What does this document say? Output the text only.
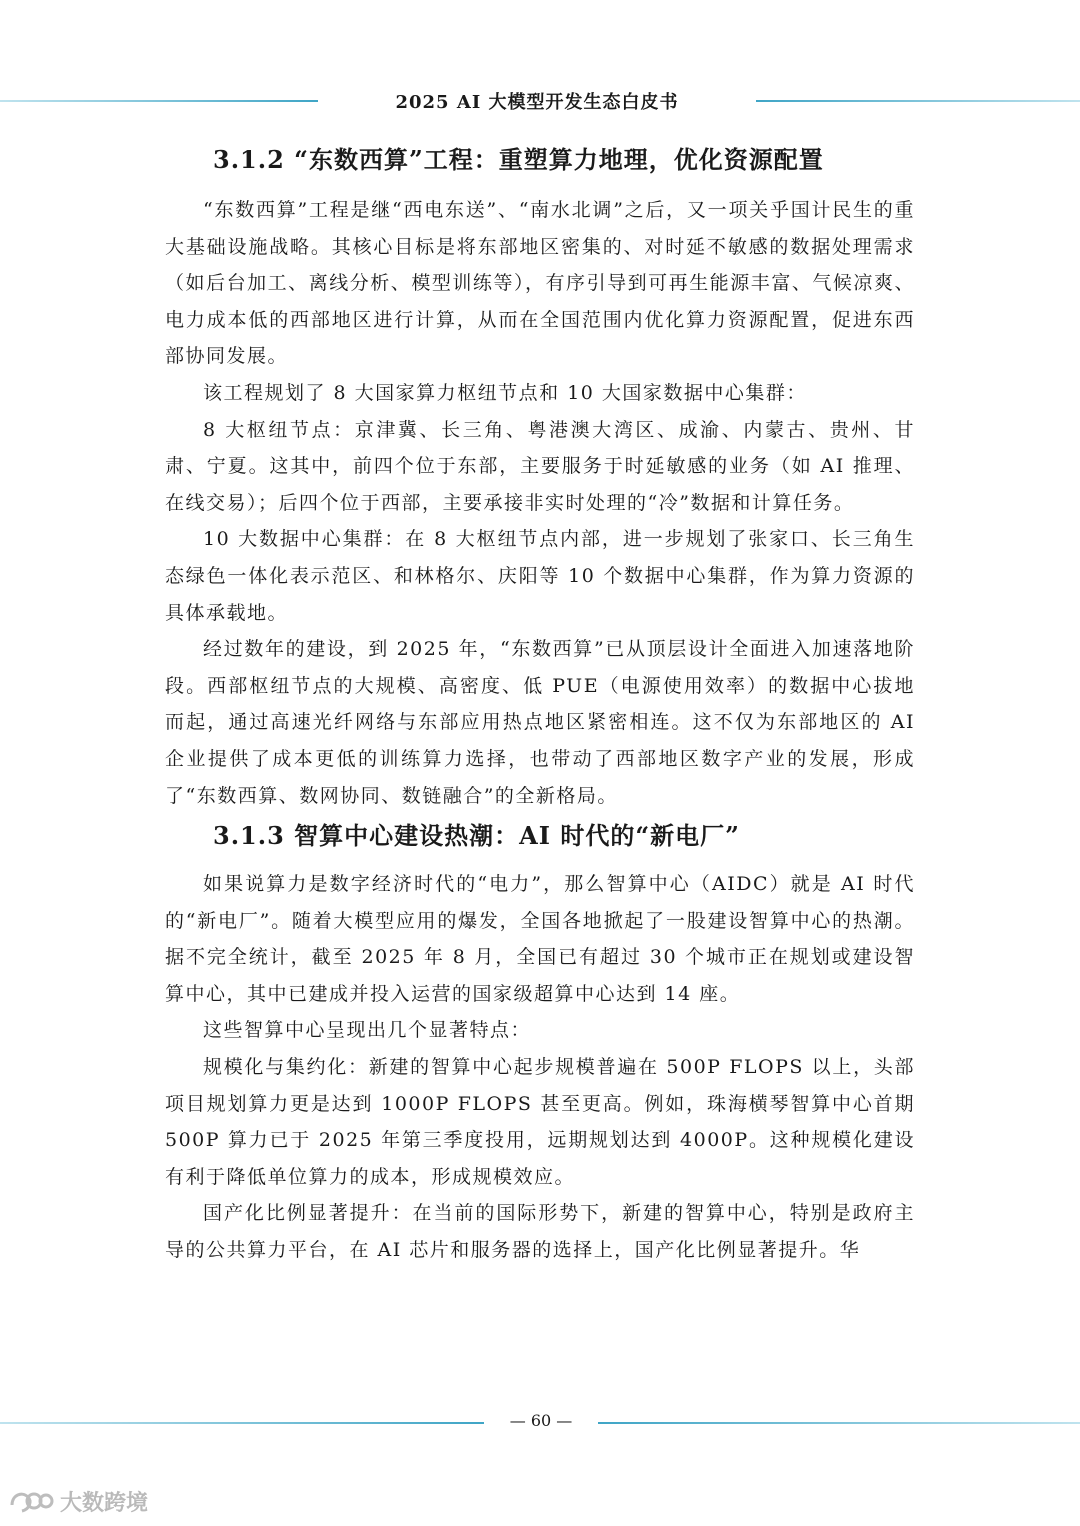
2025 AI 大模型开发生态白皮书
3.1.2 “东数西算”工程：重塑算力地理，优化资源配置

“东数西算”工程是继“西电东送”、“南水北调”之后，又一项关乎国计民生的重大基础设施战略。其核心目标是将东部地区密集的、对时延不敏感的数据处理需求（如后台加工、离线分析、模型训练等），有序引导到可再生能源丰富、气候凉爽、电力成本低的西部地区进行计算，从而在全国范围内优化算力资源配置，促进东西部协同发展。

该工程规划了 8 大国家算力枢纽节点和 10 大国家数据中心集群：

8 大枢纽节点：京津冀、长三角、粤港澳大湾区、成渝、内蒙古、贵州、甘肃、宁夏。这其中，前四个位于东部，主要服务于时延敏感的业务（如 AI 推理、在线交易）；后四个位于西部，主要承接非实时处理的“冷”数据和计算任务。

10 大数据中心集群：在 8 大枢纽节点内部，进一步规划了张家口、长三角生态绿色一体化表示范区、和林格尔、庆阳等 10 个数据中心集群，作为算力资源的具体承载地。

经过数年的建设，到 2025 年，“东数西算”已从顶层设计全面进入加速落地阶段。西部枢纽节点的大规模、高密度、低 PUE（电源使用效率）的数据中心拔地而起，通过高速光纤网络与东部应用热点地区紧密相连。这不仅为东部地区的 AI 企业提供了成本更低的训练算力选择，也带动了西部地区数字产业的发展，形成了“东数西算、数网协同、数链融合”的全新格局。

3.1.3 智算中心建设热潮：AI 时代的“新电厂”

如果说算力是数字经济时代的“电力”，那么智算中心（AIDC）就是 AI 时代的“新电厂”。随着大模型应用的爆发，全国各地掀起了一股建设智算中心的热潮。据不完全统计，截至 2025 年 8 月，全国已有超过 30 个城市正在规划或建设智算中心，其中已建成并投入运营的国家级超算中心达到 14 座。

这些智算中心呈现出几个显著特点：

规模化与集约化：新建的智算中心起步规模普遍在 500P FLOPS 以上，头部项目规划算力更是达到 1000P FLOPS 甚至更高。例如，珠海横琴智算中心首期 500P 算力已于 2025 年第三季度投用，远期规划达到 4000P。这种规模化建设有利于降低单位算力的成本，形成规模效应。

国产化比例显著提升：在当前的国际形势下，新建的智算中心，特别是政府主导的公共算力平台，在 AI 芯片和服务器的选择上，国产化比例显著提升。华

— 60 —
大数跨境
